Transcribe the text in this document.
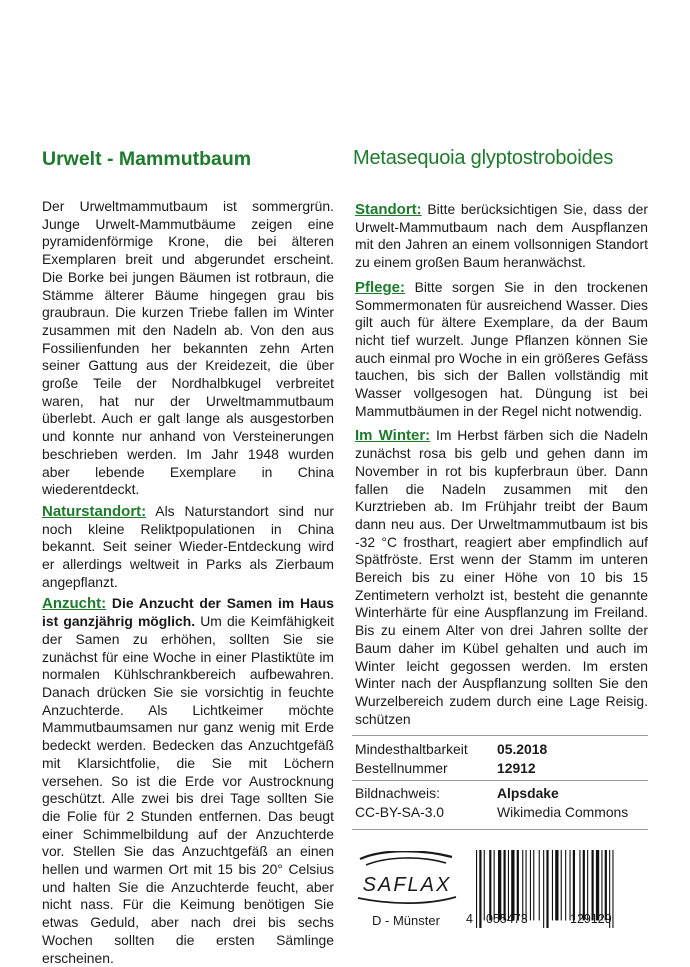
Urwelt - Mammutbaum	Metasequoia glyptostroboides

Der Urweltmammutbaum ist sommergrün. Junge Urwelt-Mammutbäume zeigen eine pyramidenförmige Krone, die bei älteren Exemplaren breit und abgerundet erscheint. Die Borke bei jungen Bäumen ist rotbraun, die Stämme älterer Bäume hingegen grau bis graubraun. Die kurzen Triebe fallen im Winter zusammen mit den Nadeln ab. Von den aus Fossilienfunden her bekannten zehn Arten seiner Gattung aus der Kreidezeit, die über große Teile der Nordhalbkugel verbreitet waren, hat nur der Urweltmammutbaum überlebt. Auch er galt lange als ausgestorben und konnte nur anhand von Versteinerungen beschrieben werden. Im Jahr 1948 wurden aber lebende Exemplare in China wiederentdeckt.

Naturstandort: Als Naturstandort sind nur noch kleine Reliktpopulationen in China bekannt. Seit seiner Wieder-Entdeckung wird er allerdings weltweit in Parks als Zierbaum angepflanzt.

Anzucht: Die Anzucht der Samen im Haus ist ganzjährig möglich. Um die Keimfähigkeit der Samen zu erhöhen, sollten Sie sie zunächst für eine Woche in einer Plastiktüte im normalen Kühlschrankbereich aufbewahren. Danach drücken Sie sie vorsichtig in feuchte Anzuchterde. Als Lichtkeimer möchte Mammutbaumsamen nur ganz wenig mit Erde bedeckt werden. Bedecken das Anzuchtgefäß mit Klarsichtfolie, die Sie mit Löchern versehen. So ist die Erde vor Austrocknung geschützt. Alle zwei bis drei Tage sollten Sie die Folie für 2 Stunden entfernen. Das beugt einer Schimmelbildung auf der Anzuchterde vor. Stellen Sie das Anzuchtgefäß an einen hellen und warmen Ort mit 15 bis 20° Celsius und halten Sie die Anzuchterde feucht, aber nicht nass. Für die Keimung benötigen Sie etwas Geduld, aber nach drei bis sechs Wochen sollten die ersten Sämlinge erscheinen.

Standort: Bitte berücksichtigen Sie, dass der Urwelt-Mammutbaum nach dem Auspflanzen mit den Jahren an einem vollsonnigen Standort zu einem großen Baum heranwächst.

Pflege: Bitte sorgen Sie in den trockenen Sommermonaten für ausreichend Wasser. Dies gilt auch für ältere Exemplare, da der Baum nicht tief wurzelt. Junge Pflanzen können Sie auch einmal pro Woche in ein größeres Gefäss tauchen, bis sich der Ballen vollständig mit Wasser vollgesogen hat. Düngung ist bei Mammutbäumen in der Regel nicht notwendig.

Im Winter: Im Herbst färben sich die Nadeln zunächst rosa bis gelb und gehen dann im November in rot bis kupferbraun über. Dann fallen die Nadeln zusammen mit den Kurztrieben ab. Im Frühjahr treibt der Baum dann neu aus. Der Urweltmammutbaum ist bis -32 °C frosthart, reagiert aber empfindlich auf Spätfröste. Erst wenn der Stamm im unteren Bereich bis zu einer Höhe von 10 bis 15 Zentimetern verholzt ist, besteht die genannte Winterhärte für eine Auspflanzung im Freiland. Bis zu einem Alter von drei Jahren sollte der Baum daher im Kübel gehalten und auch im Winter leicht gegossen werden. Im ersten Winter nach der Auspflanzung sollten Sie den Wurzelbereich zudem durch eine Lage Reisig. schützen

Mindesthaltbarkeit 05.2018
Bestellnummer	12912
Bildnachweis:	Alpsdake
CC-BY-SA-3.0	Wikimedia Commons
SAFLAX
D - Münster 4 055473	129129
